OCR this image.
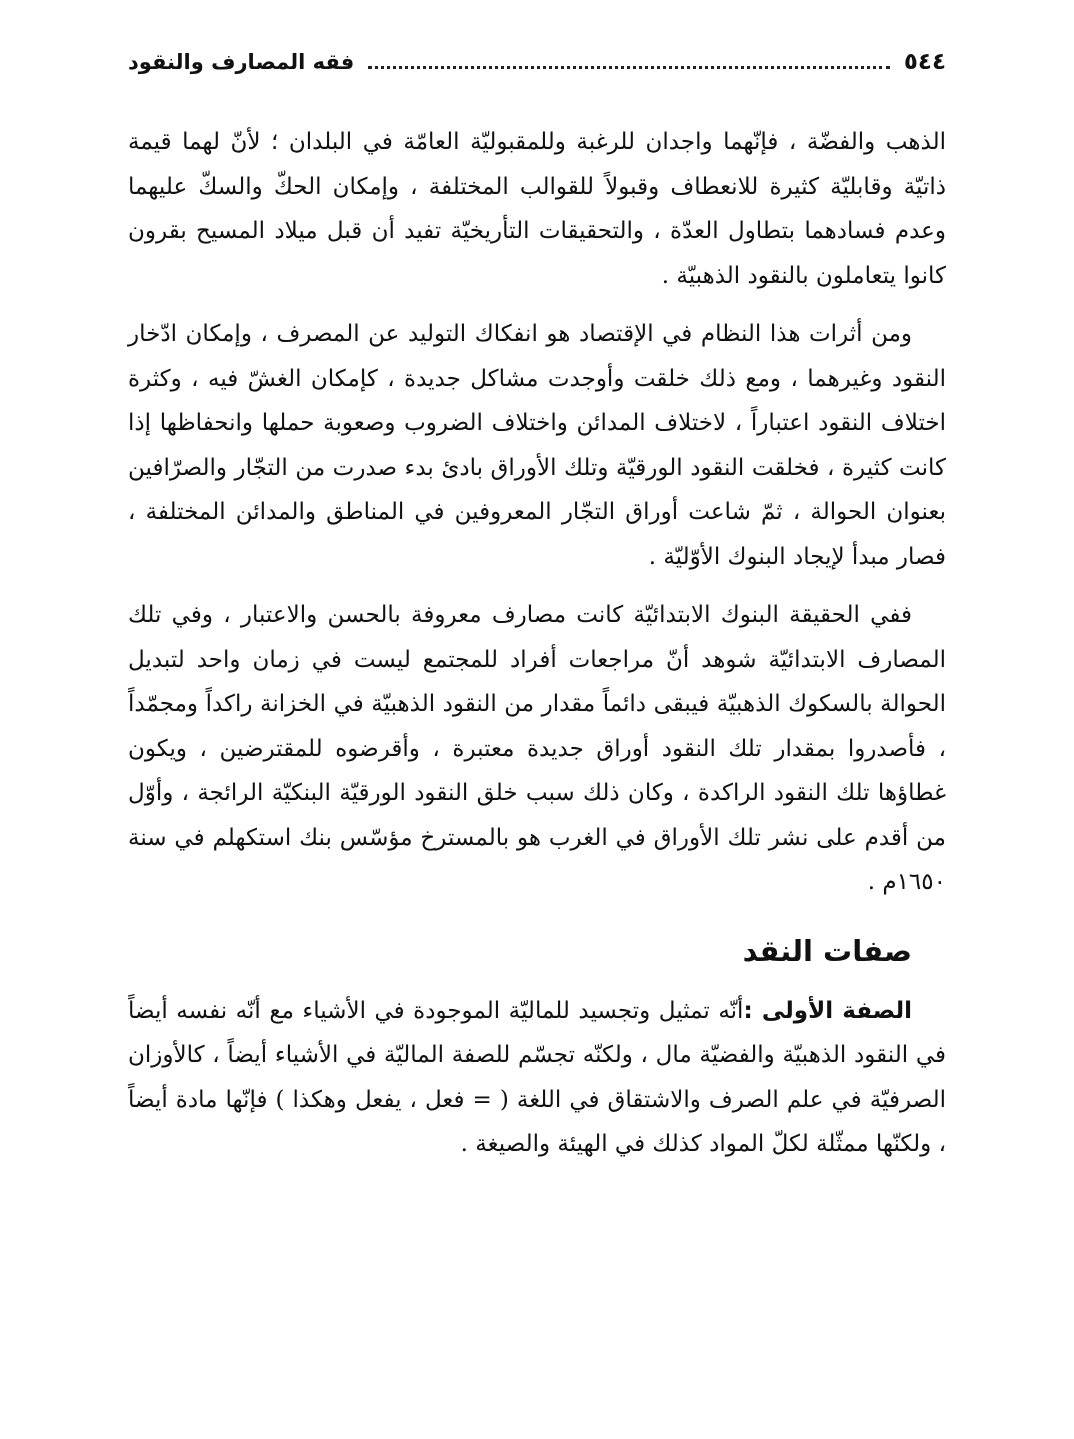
٥٤٤
فقه المصارف والنقود

الذهب والفضّة ، فإنّهما واجدان للرغبة وللمقبوليّة العامّة في البلدان ؛ لأنّ لهما قيمة ذاتيّة وقابليّة كثيرة للانعطاف وقبولاً للقوالب المختلفة ، وإمكان الحكّ والسكّ عليهما وعدم فسادهما بتطاول العدّة ، والتحقيقات التأريخيّة تفيد أن قبل ميلاد المسيح بقرون كانوا يتعاملون بالنقود الذهبيّة .

ومن أثرات هذا النظام في الإقتصاد هو انفكاك التوليد عن المصرف ، وإمكان ادّخار النقود وغيرهما ، ومع ذلك خلقت وأوجدت مشاكل جديدة ، كإمكان الغشّ فيه ، وكثرة اختلاف النقود اعتباراً ، لاختلاف المدائن واختلاف الضروب وصعوبة حملها وانحفاظها إذا كانت كثيرة ، فخلقت النقود الورقيّة وتلك الأوراق بادئ بدء صدرت من التجّار والصرّافين بعنوان الحوالة ، ثمّ شاعت أوراق التجّار المعروفين في المناطق والمدائن المختلفة ، فصار مبدأ لإيجاد البنوك الأوّليّة .

ففي الحقيقة البنوك الابتدائيّة كانت مصارف معروفة بالحسن والاعتبار ، وفي تلك المصارف الابتدائيّة شوهد أنّ مراجعات أفراد للمجتمع ليست في زمان واحد لتبديل الحوالة بالسكوك الذهبيّة فيبقى دائماً مقدار من النقود الذهبيّة في الخزانة راكداً ومجمّداً ، فأصدروا بمقدار تلك النقود أوراق جديدة معتبرة ، وأقرضوه للمقترضين ، ويكون غطاؤها تلك النقود الراكدة ، وكان ذلك سبب خلق النقود الورقيّة البنكيّة الرائجة ، وأوّل من أقدم على نشر تلك الأوراق في الغرب هو بالمسترخ مؤسّس بنك استكهلم في سنة ١٦٥٠م .

صفات النقد

الصفة الأولى :أنّه تمثيل وتجسيد للماليّة الموجودة في الأشياء مع أنّه نفسه أيضاً في النقود الذهبيّة والفضيّة مال ، ولكنّه تجسّم للصفة الماليّة في الأشياء أيضاً ، كالأوزان الصرفيّة في علم الصرف والاشتقاق في اللغة ( = فعل ، يفعل وهكذا ) فإنّها مادة أيضاً ، ولكنّها ممثّلة لكلّ المواد كذلك في الهيئة والصيغة .
